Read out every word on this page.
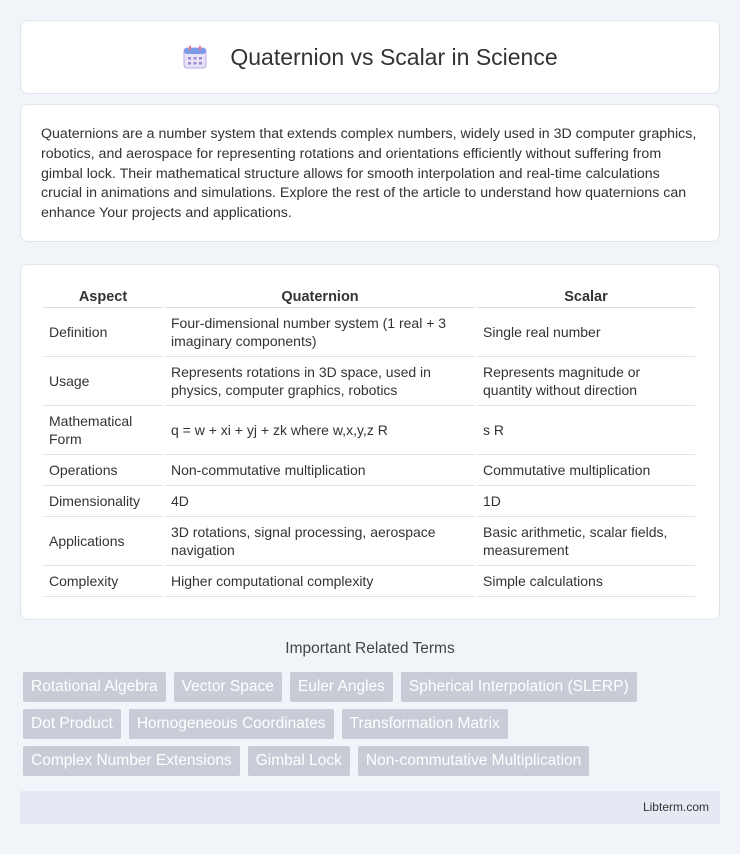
Quaternion vs Scalar in Science

Quaternions are a number system that extends complex numbers, widely used in 3D computer graphics, robotics, and aerospace for representing rotations and orientations efficiently without suffering from gimbal lock. Their mathematical structure allows for smooth interpolation and real-time calculations crucial in animations and simulations. Explore the rest of the article to understand how quaternions can enhance Your projects and applications.

Aspect	Quaternion	Scalar
Definition	Four-dimensional number system (1 real + 3 imaginary components)	Single real number
Usage	Represents rotations in 3D space, used in physics, computer graphics, robotics	Represents magnitude or quantity without direction
Mathematical Form	q = w + xi + yj + zk where w,x,y,z R	s R
Operations	Non-commutative multiplication	Commutative multiplication
Dimensionality	4D	1D
Applications	3D rotations, signal processing, aerospace navigation	Basic arithmetic, scalar fields, measurement
Complexity	Higher computational complexity	Simple calculations
Important Related Terms
Rotational Algebra	Vector Space	Euler Angles	Spherical Interpolation (SLERP)
Dot Product	Homogeneous Coordinates	Transformation Matrix
Complex Number Extensions	Gimbal Lock	Non-commutative Multiplication
Libterm.com
